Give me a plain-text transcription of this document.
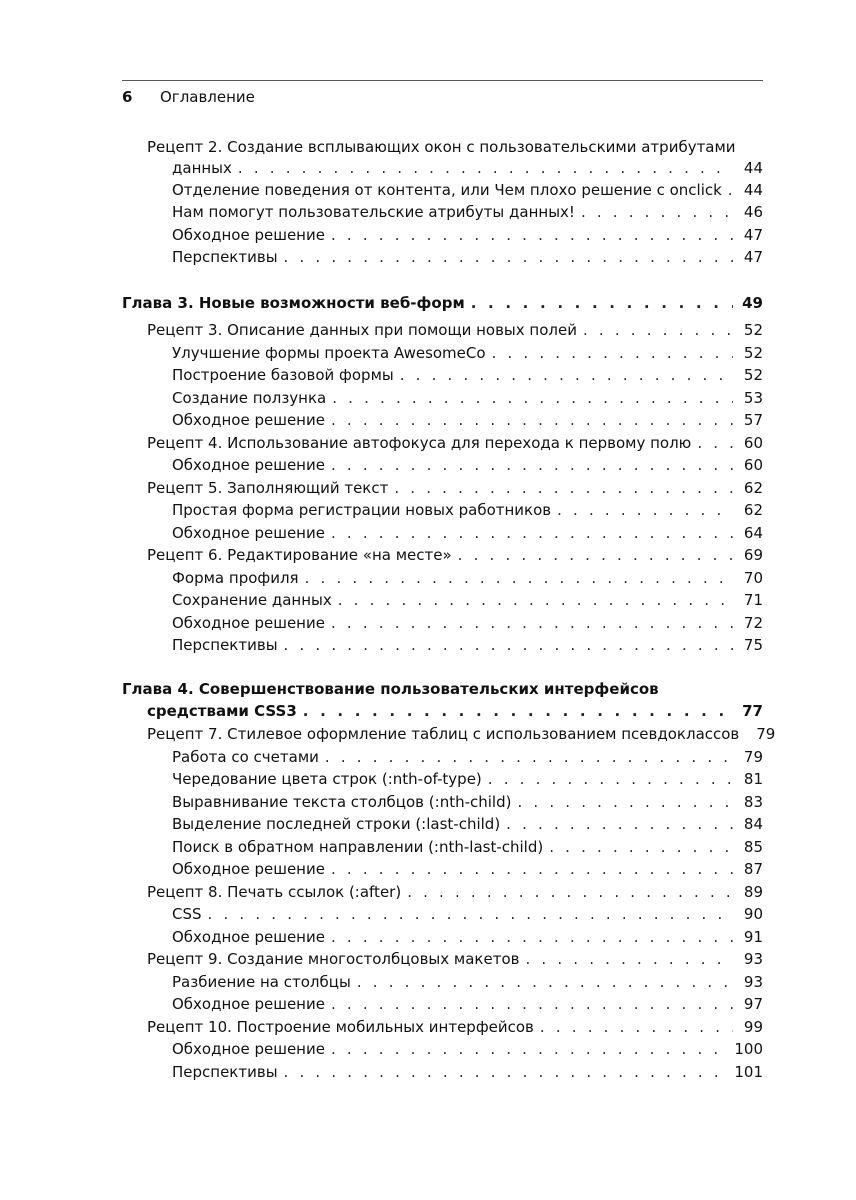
6 Оглавление
Рецепт 2. Создание всплывающих окон с пользовательскими атрибутами
данных . . .	44
Отделение поведения от контента, или Чем плохо решение с onclick . . .	44
Нам помогут пользовательские атрибуты данных! . . .	46
Обходное решение . . .	47
Перспективы . . .	47
Глава 3. Новые возможности веб-форм . . .	49
Рецепт 3. Описание данных при помощи новых полей . . .	52
Улучшение формы проекта AwesomeCo . . .	52
Построение базовой формы . . .	52
Создание ползунка . . .	53
Обходное решение . . .	57
Рецепт 4. Использование автофокуса для перехода к первому полю . . .	60
Обходное решение . . .	60
Рецепт 5. Заполняющий текст . . .	62
Простая форма регистрации новых работников . . .	62
Обходное решение . . .	64
Рецепт 6. Редактирование «на месте» . . .	69
Форма профиля . . .	70
Сохранение данных . . .	71
Обходное решение . . .	72
Перспективы . . .	75
Глава 4. Совершенствование пользовательских интерфейсов
средствами CSS3 . . .	77
Рецепт 7. Стилевое оформление таблиц с использованием псевдоклассов	79
Работа со счетами . . .	79
Чередование цвета строк (:nth-of-type) . . .	81
Выравнивание текста столбцов (:nth-child) . . .	83
Выделение последней строки (:last-child) . . .	84
Поиск в обратном направлении (:nth-last-child) . . .	85
Обходное решение . . .	87
Рецепт 8. Печать ссылок (:after) . . .	89
CSS . . .	90
Обходное решение . . .	91
Рецепт 9. Создание многостолбцовых макетов . . .	93
Разбиение на столбцы . . .	93
Обходное решение . . .	97
Рецепт 10. Построение мобильных интерфейсов . . .	99
Обходное решение . . .	100
Перспективы . . .	101
